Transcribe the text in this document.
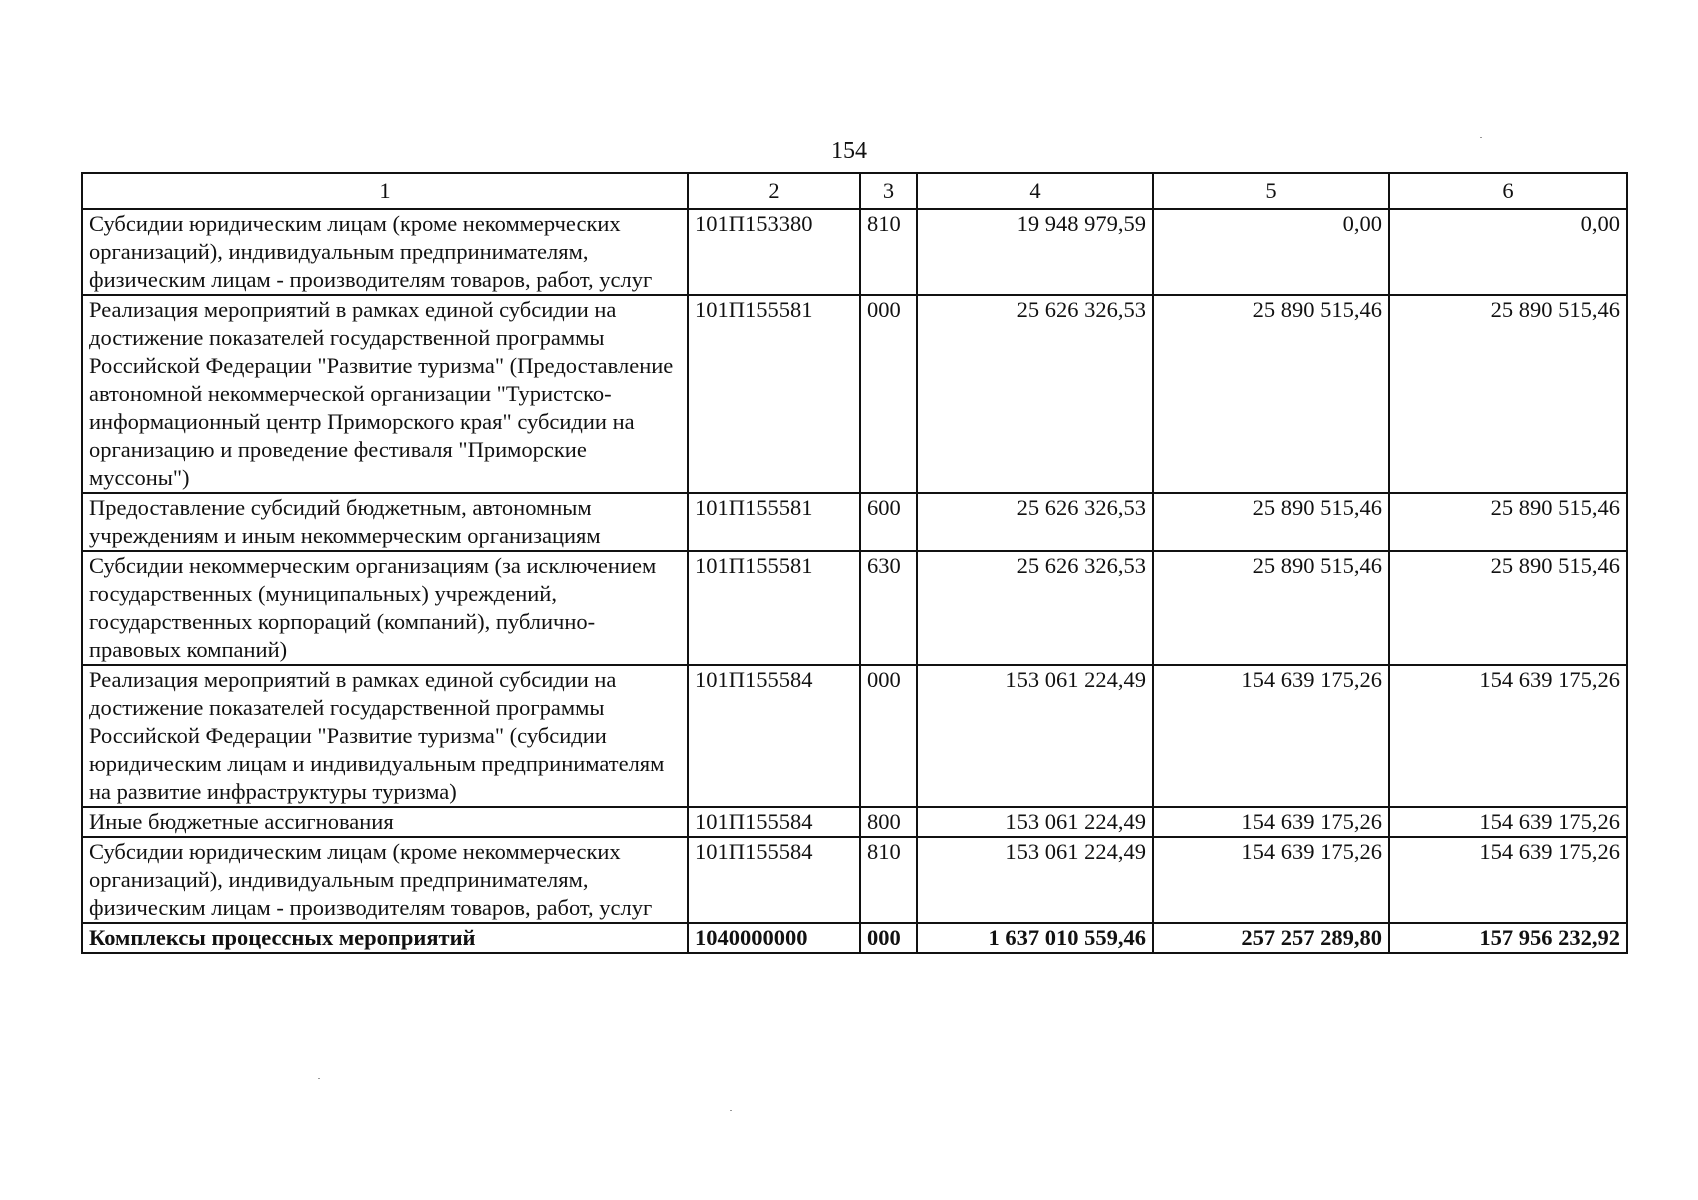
154
1	2	3	4	5	6
Субсидии юридическим лицам (кроме некоммерческих организаций), индивидуальным предпринимателям, физическим лицам - производителям товаров, работ, услуг	101П153380	810	19 948 979,59	0,00	0,00
Реализация мероприятий в рамках единой субсидии на достижение показателей государственной программы Российской Федерации "Развитие туризма" (Предоставление автономной некоммерческой организации "Туристско-информационный центр Приморского края" субсидии на организацию и проведение фестиваля "Приморские муссоны")	101П155581	000	25 626 326,53	25 890 515,46	25 890 515,46
Предоставление субсидий бюджетным, автономным учреждениям и иным некоммерческим организациям	101П155581	600	25 626 326,53	25 890 515,46	25 890 515,46
Субсидии некоммерческим организациям (за исключением государственных (муниципальных) учреждений, государственных корпораций (компаний), публично-правовых компаний)	101П155581	630	25 626 326,53	25 890 515,46	25 890 515,46
Реализация мероприятий в рамках единой субсидии на достижение показателей государственной программы Российской Федерации "Развитие туризма" (субсидии юридическим лицам и индивидуальным предпринимателям на развитие инфраструктуры туризма)	101П155584	000	153 061 224,49	154 639 175,26	154 639 175,26
Иные бюджетные ассигнования	101П155584	800	153 061 224,49	154 639 175,26	154 639 175,26
Субсидии юридическим лицам (кроме некоммерческих организаций), индивидуальным предпринимателям, физическим лицам - производителям товаров, работ, услуг	101П155584	810	153 061 224,49	154 639 175,26	154 639 175,26
Комплексы процессных мероприятий	1040000000	000	1 637 010 559,46	257 257 289,80	157 956 232,92
